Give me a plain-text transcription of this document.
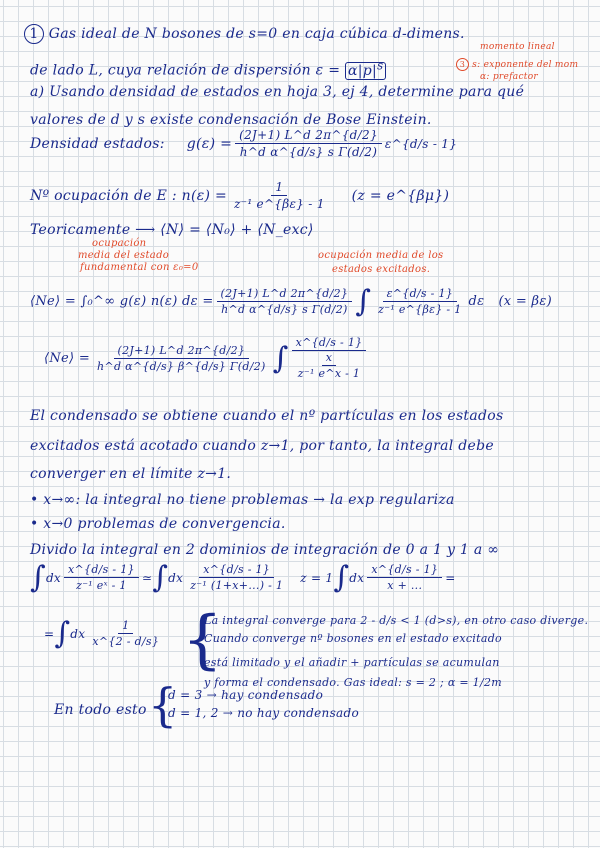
1 Gas ideal de N bosones de s=0 en caja cúbica d-dimens.
de lado L, cuya relación de dispersión $\varepsilon = \alpha|p|^s$
momento lineal
3 s: exponente del mom
α: prefactor
a) Usando densidad de estados en hoja 3, ej 4, determine para qué
valores de d y s existe condensación de Bose Einstein.
Densidad estados: $g(\varepsilon) = \frac{(2J+1) L\^{}d 2\pi\^{}\{d/2\}}{\text{h\textasciicircum{}d α\textasciicircum{}\{d/s\} s Γ(d/2)}}$ ε^{d/s - 1}
Nº ocupación de E : $n(\varepsilon) = \frac{1}{\text{z⁻¹ e\textasciicircum{}\{βε\} - 1}} (z$ = e^{βμ})
Teoricamente ⟶ ⟨N⟩ = ⟨N₀⟩ + ⟨N_exc⟩
ocupación
media del estado
fundamental con ε₀=0
ocupación media de los
estados excitados.
⟨Ne⟩ = ∫₀^∞ g(ε) n(ε) $d\varepsilon = \frac{(2J+1) L\^{}d 2\pi\^{}\{d/2\}}{\text{h\textasciicircum{}d α\textasciicircum{}\{d/s\} s Γ(d/2)}}$ ∫ $\frac{\varepsilon\^{}\{d/s - 1\}}{\text{z⁻¹ e\textasciicircum{}\{βε\} - 1}}$ dε (x = βε)
⟨Ne⟩ = $\frac{(2J+1) L\^{}d 2\pi\^{}\{d/2\}}{\text{h\textasciicircum{}d α\textasciicircum{}\{d/s\} β\textasciicircum{}\{d/s\} Γ(d/2)}}$ ∫ x^{d/s - 1}
x
z⁻¹ e^x - 1
El condensado se obtiene cuando el nº partículas en los estados
excitados está acotado cuando z→1, por tanto, la integral debe
converger en el límite z→1.
• x→∞: la integral no tiene problemas → la exp regulariza
• x→0 problemas de convergencia.
Divido la integral en 2 dominios de integración de 0 a 1 y 1 a ∞
∫ dx $\frac{x\^{}\{d/s - 1\}}{\text{z⁻¹ eˣ - 1}}$ ≃ ∫ dx $\frac{x\^{}\{d/s - 1\}}{\text{z⁻¹ (1+x+...) - 1}}$ z = 1 ∫ dx $\frac{x\^{}\{d/s - 1\}}{x + ...}$ =
= ∫ dx $\frac{1}{x\^{}\{2 - d/s\}}$ {
La integral converge para 2 - d/s < 1 (d>s), en otro caso diverge.
Cuando converge nº bosones en el estado excitado
está limitado y el añadir + partículas se acumulan
y forma el condensado. Gas ideal: s = 2 ; α = 1/2m
En todo esto {
d = 3 → hay condensado
d = 1, 2 → no hay condensado
